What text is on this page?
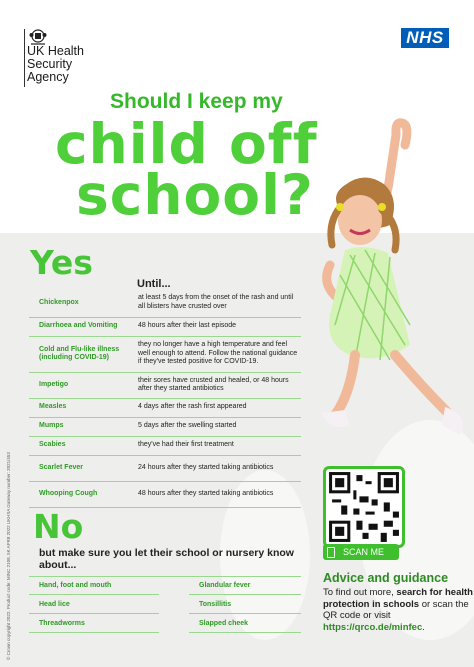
UK Health
Security
Agency
NHS
Should I keep my
child off
school?
Yes
Until...
Chickenpox	at least 5 days from the onset of the rash and until all blisters have crusted over
Diarrhoea and Vomiting	48 hours after their last episode
Cold and Flu-like illness (including COVID-19)	they no longer have a high temperature and feel well enough to attend. Follow the national guidance if they've tested positive for COVID-19.
Impetigo	their sores have crusted and healed, or 48 hours after they started antibiotics
Measles	4 days after the rash first appeared
Mumps	5 days after the swelling started
Scabies	they've had their first treatment
Scarlet Fever	24 hours after they started taking antibiotics
Whooping Cough	48 hours after they started taking antibiotics
No
but make sure you let their school or nursery know about...
Hand, foot and mouth	Glandular fever
Head lice	Tonsillitis
Threadworms	Slapped cheek
SCAN ME
Advice and guidance
To find out more, search for health protection in schools or scan the QR code or visit https://qrco.de/minfec.
© Crown copyright 2022. Product code: MINC 2108, 5K APR8 2022 UKHSA Gateway number: 2021/453
